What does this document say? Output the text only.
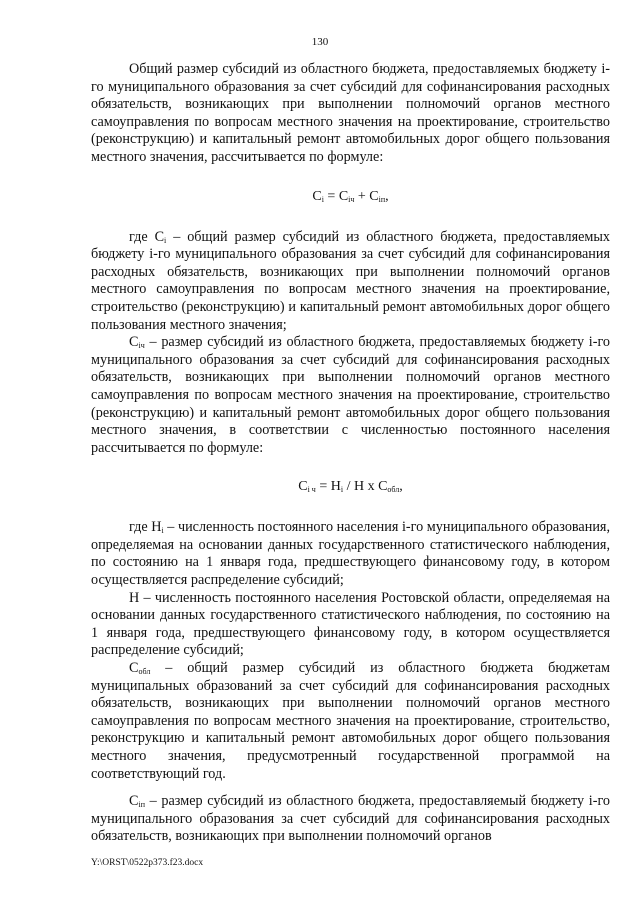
130

Общий размер субсидий из областного бюджета, предоставляемых бюджету i-го муниципального образования за счет субсидий для софинансирования расходных обязательств, возникающих при выполнении полномочий органов местного самоуправления по вопросам местного значения на проектирование, строительство (реконструкцию) и капитальный ремонт автомобильных дорог общего пользования местного значения, рассчитывается по формуле:

$C_i = C_{iч} + C_{iп}$,

где $С_i$ – общий размер субсидий из областного бюджета, предоставляемых бюджету i-го муниципального образования за счет субсидий для софинансирования расходных обязательств, возникающих при выполнении полномочий органов местного самоуправления по вопросам местного значения на проектирование, строительство (реконструкцию) и капитальный ремонт автомобильных дорог общего пользования местного значения;

$С_{iч}$ – размер субсидий из областного бюджета, предоставляемых бюджету i-го муниципального образования за счет субсидий для софинансирования расходных обязательств, возникающих при выполнении полномочий органов местного самоуправления по вопросам местного значения на проектирование, строительство (реконструкцию) и капитальный ремонт автомобильных дорог общего пользования местного значения, в соответствии с численностью постоянного населения рассчитывается по формуле:

$C_{i ч} = Н_i / Н$ х $С_{обл}$,

где $Н_i$ – численность постоянного населения i-го муниципального образования, определяемая на основании данных государственного статистического наблюдения, по состоянию на 1 января года, предшествующего финансовому году, в котором осуществляется распределение субсидий;

Н – численность постоянного населения Ростовской области, определяемая на основании данных государственного статистического наблюдения, по состоянию на 1 января года, предшествующего финансовому году, в котором осуществляется распределение субсидий;

$С_{обл}$ – общий размер субсидий из областного бюджета бюджетам муниципальных образований за счет субсидий для софинансирования расходных обязательств, возникающих при выполнении полномочий органов местного самоуправления по вопросам местного значения на проектирование, строительство, реконструкцию и капитальный ремонт автомобильных дорог общего пользования местного значения, предусмотренный государственной программой на соответствующий год.

$С_{iп}$ – размер субсидий из областного бюджета, предоставляемый бюджету i-го муниципального образования за счет субсидий для софинансирования расходных обязательств, возникающих при выполнении полномочий органов

Y:\ORST\0522p373.f23.docx
